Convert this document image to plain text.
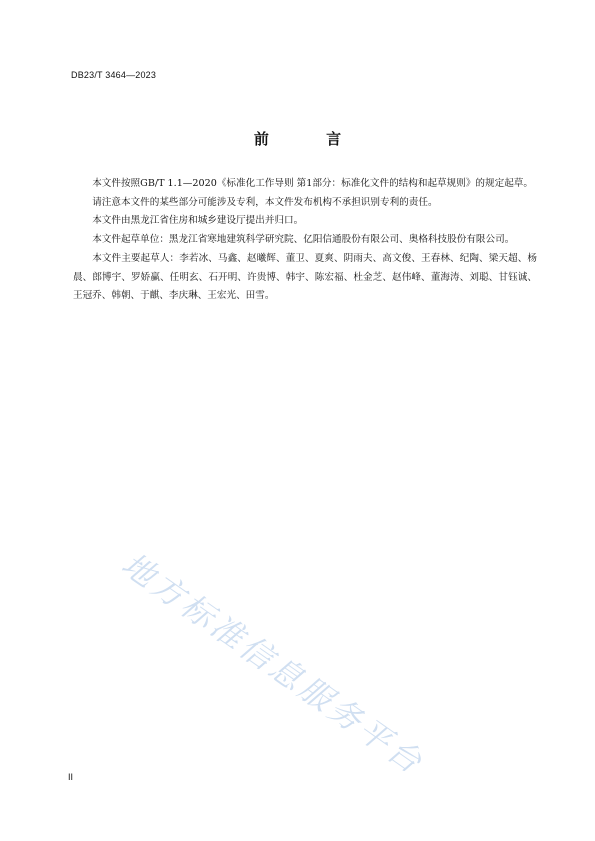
DB23/T 3464—2023
前 言

本文件按照GB/T 1.1—2020《标准化工作导则 第1部分：标准化文件的结构和起草规则》的规定起草。

请注意本文件的某些部分可能涉及专利，本文件发布机构不承担识别专利的责任。

本文件由黑龙江省住房和城乡建设厅提出并归口。

本文件起草单位：黑龙江省寒地建筑科学研究院、亿阳信通股份有限公司、奥格科技股份有限公司。

本文件主要起草人：李若冰、马鑫、赵曦辉、董卫、夏爽、阴雨夫、高文俊、王春林、纪陶、梁天超、杨晨、郎博宇、罗娇赢、任明玄、石开明、许贵博、韩宇、陈宏福、杜金芝、赵伟峰、董海涛、刘聪、甘钰诚、王冠乔、韩朝、于麒、李庆琳、王宏光、田雪。

地方标准信息服务平台
II
